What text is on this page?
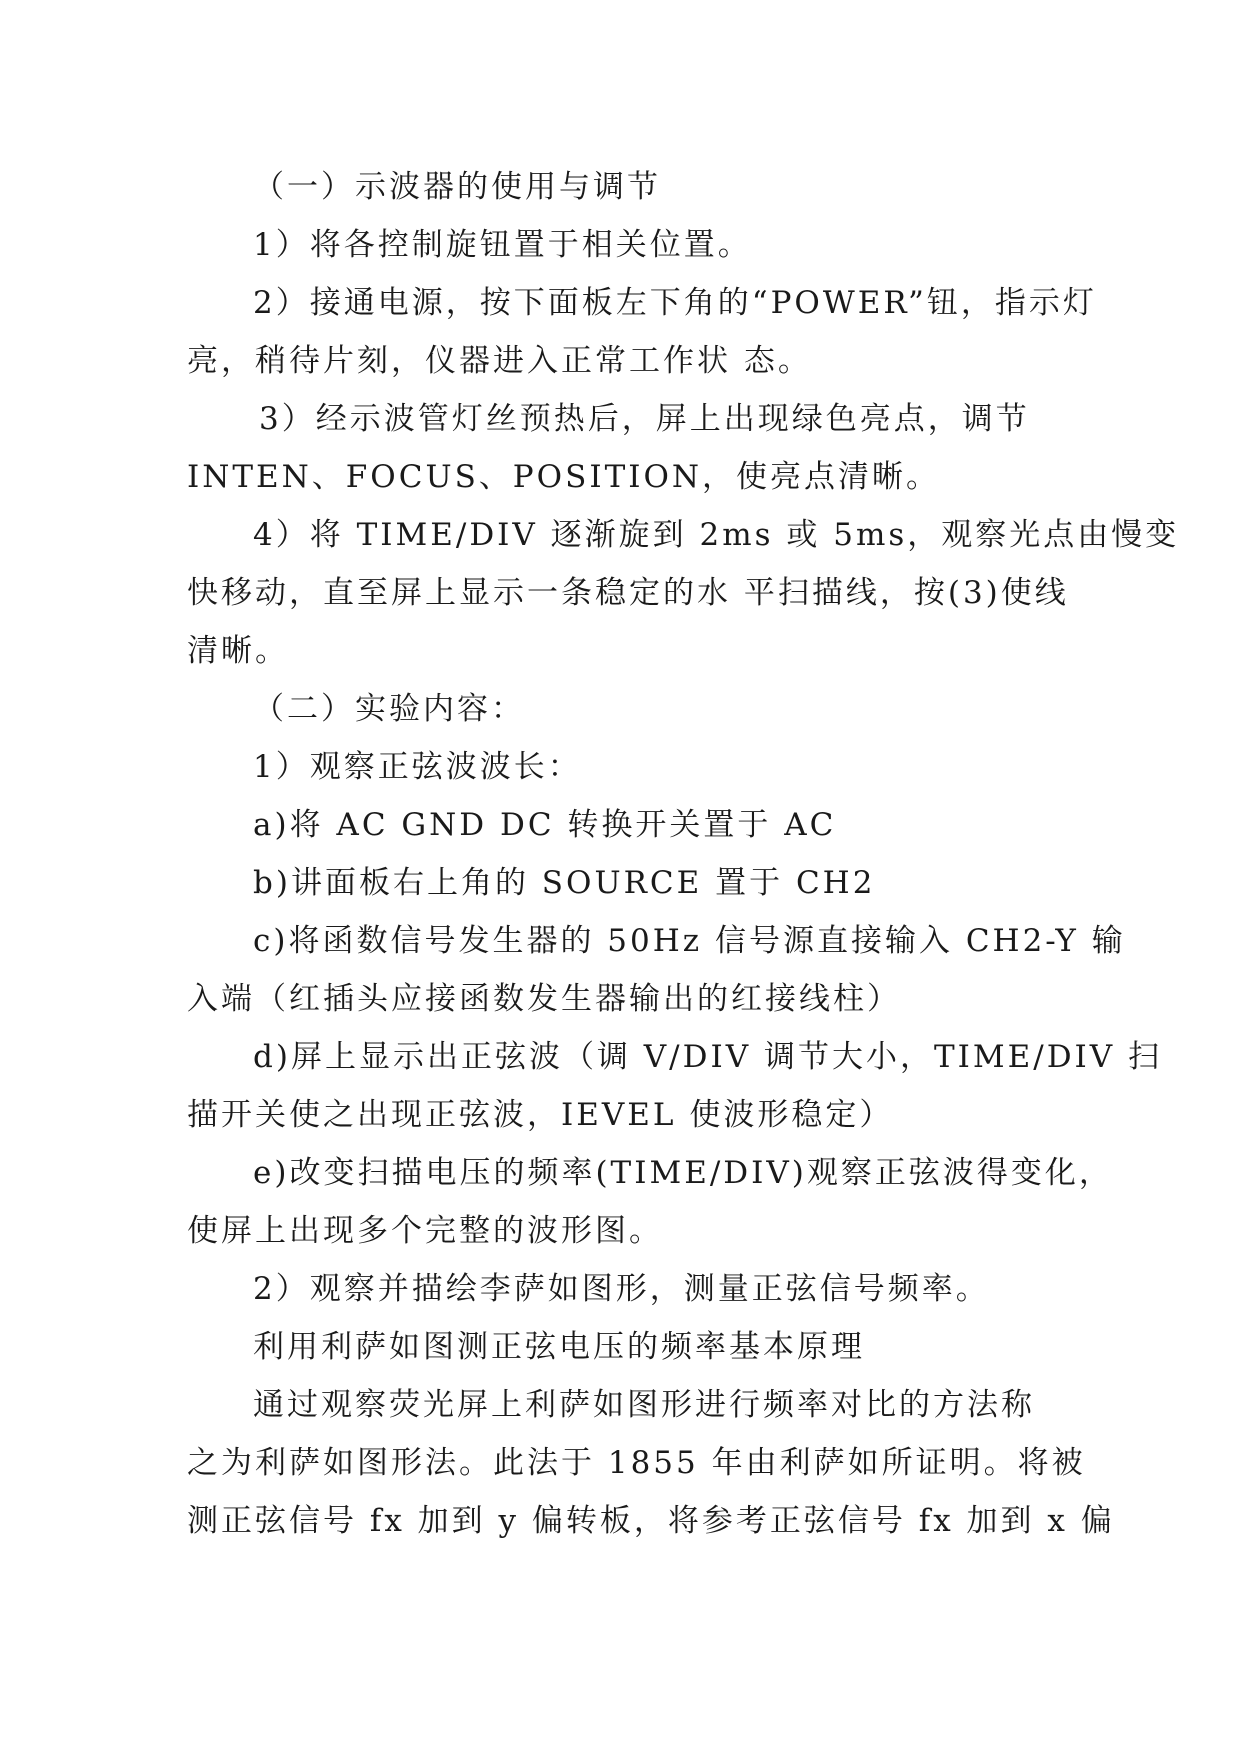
（一）示波器的使用与调节
1）将各控制旋钮置于相关位置。
2）接通电源，按下面板左下角的“POWER”钮，指示灯
亮，稍待片刻，仪器进入正常工作状 态。
3）经示波管灯丝预热后，屏上出现绿色亮点，调节
INTEN、FOCUS、POSITION，使亮点清晰。
4）将 TIME/DIV 逐渐旋到 2ms 或 5ms，观察光点由慢变
快移动，直至屏上显示一条稳定的水 平扫描线，按(3)使线
清晰。
（二）实验内容：
1）观察正弦波波长：
a)将 AC GND DC 转换开关置于 AC
b)讲面板右上角的 SOURCE 置于 CH2
c)将函数信号发生器的 50Hz 信号源直接输入 CH2-Y 输
入端（红插头应接函数发生器输出的红接线柱）
d)屏上显示出正弦波（调 V/DIV 调节大小，TIME/DIV 扫
描开关使之出现正弦波，IEVEL 使波形稳定）
e)改变扫描电压的频率(TIME/DIV)观察正弦波得变化，
使屏上出现多个完整的波形图。
2）观察并描绘李萨如图形，测量正弦信号频率。
利用利萨如图测正弦电压的频率基本原理
通过观察荧光屏上利萨如图形进行频率对比的方法称
之为利萨如图形法。此法于 1855 年由利萨如所证明。将被
测正弦信号 fx 加到 y 偏转板，将参考正弦信号 fx 加到 x 偏
